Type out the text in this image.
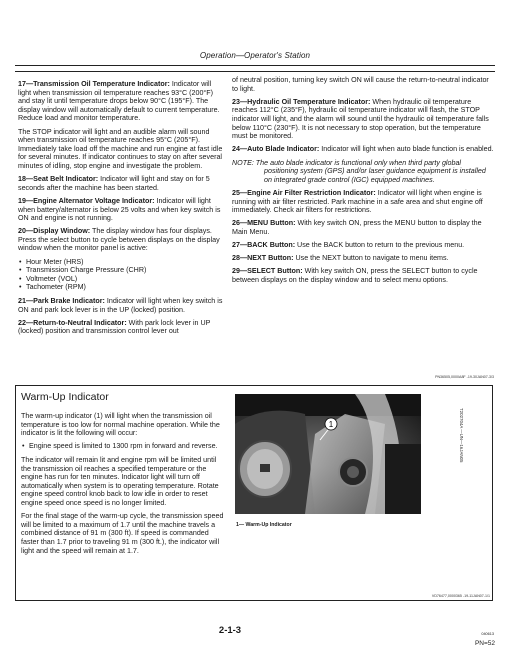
Operation—Operator's Station

17—Transmission Oil Temperature Indicator: Indicator will light when transmission oil temperature reaches 93°C (200°F) and stay lit until temperature drops below 90°C (195°F). The display window will automatically default to current temperature. Reduce load and monitor temperature.

The STOP indicator will light and an audible alarm will sound when transmission oil temperature reaches 95°C (205°F). Immediately take load off the machine and run engine at fast idle for several minutes. If indicator continues to stay on after several minutes of idling, stop engine and investigate the problem.

18—Seat Belt Indicator: Indicator will light and stay on for 5 seconds after the machine has been started.

19—Engine Alternator Voltage Indicator: Indicator will light when battery/alternator is below 25 volts and when key switch is ON and engine is not running.

20—Display Window: The display window has four displays. Press the select button to cycle between displays on the display window when the monitor panel is active:

• Hour Meter (HRS)
• Transmission Charge Pressure (CHR)
• Voltmeter (VOL)
• Tachometer (RPM)

21—Park Brake Indicator: Indicator will light when key switch is ON and park lock lever is in the UP (locked) position.

22—Return-to-Neutral Indicator: With park lock lever in UP (locked) position and transmission control lever out

of neutral position, turning key switch ON will cause the return-to-neutral indicator to light.

23—Hydraulic Oil Temperature Indicator: When hydraulic oil temperature reaches 112°C (235°F), hydraulic oil temperature indicator will flash, the STOP indicator will light, and the alarm will sound until the hydraulic oil temperature falls below 110°C (230°F). It is not necessary to stop operation, but the temperature must be monitored.

24—Auto Blade Indicator: Indicator will light when auto blade function is enabled.

NOTE: The auto blade indicator is functional only when third party global positioning system (GPS) and/or laser guidance equipment is installed on integrated grade control (IGC) equipped machines.

25—Engine Air Filter Restriction Indicator: Indicator will light when engine is running with air filter restricted. Park machine in a safe area and shut engine off immediately. Check air filters for restrictions.

26—MENU Button: With key switch ON, press the MENU button to display the Main Menu.

27—BACK Button: Use the BACK button to return to the previous menu.

28—NEXT Button: Use the NEXT button to navigate to menu items.

29—SELECT Button: With key switch ON, press the SELECT button to cycle between displays on the display window and to select menu options.

PN36505,0000A8F -19-30JAN07-3/3
Warm-Up Indicator

The warm-up indicator (1) will light when the transmission oil temperature is too low for normal machine operation. While the indicator is lit the following will occur:

• Engine speed is limited to 1300 rpm in forward and reverse.

The indicator will remain lit and engine rpm will be limited until the transmission oil reaches a specified temperature or the engine has run for ten minutes. Indicator light will turn off automatically when system is to operating temperature. Rotate engine speed control knob back to low idle in order to reset engine speed once speed is no longer limited.

For the final stage of the warm-up cycle, the transmission speed will be limited to a maximum of 1.7 until the machine travels a combined distance of 91 m (300 ft). If speed is commanded faster than 1.7 prior to traveling 91 m (300 ft.), the indicator will light and the speed will remain at 1.7.

1
1— Warm-Up Indicator
T202704A —UN—16JAN05
VD76477,0000365 -19-11JAN07-1/1
2-1-3	040613
PN=52
